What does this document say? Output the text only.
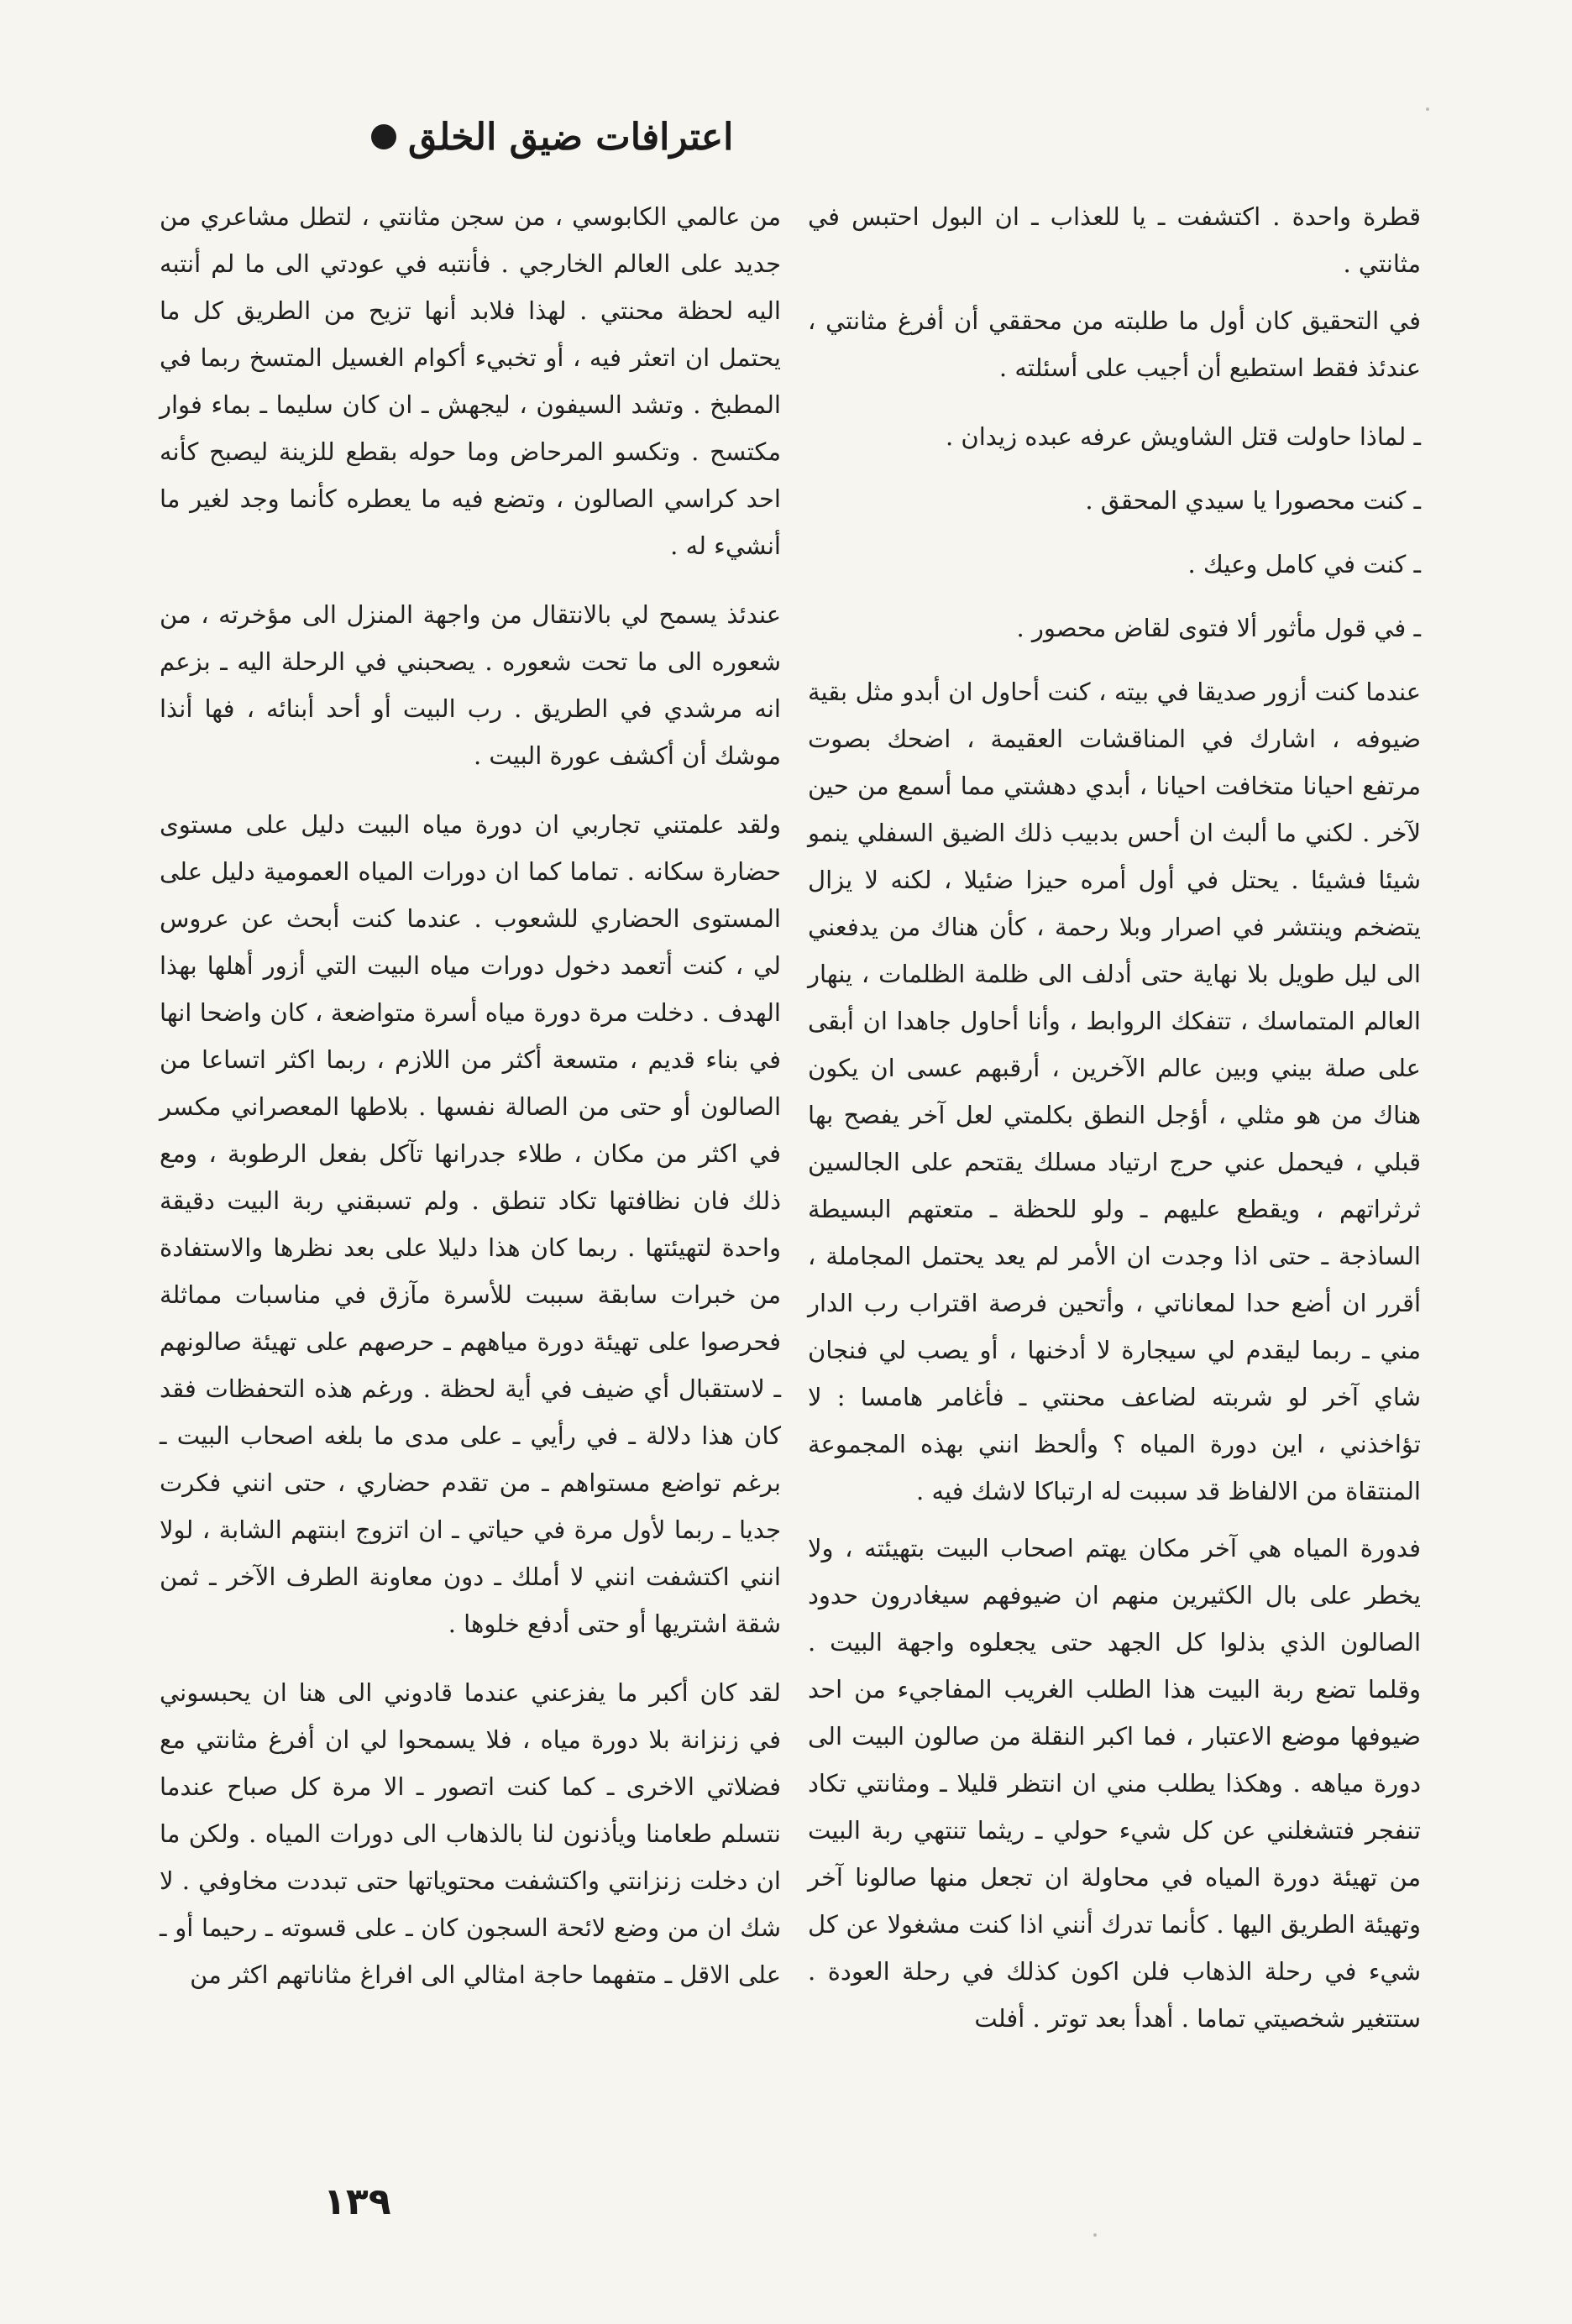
اعترافات ضيق الخلق

قطرة واحدة . اكتشفت ـ يا للعذاب ـ ان البول احتبس في مثانتي .

في التحقيق كان أول ما طلبته من محققي أن أفرغ مثانتي ، عندئذ فقط استطيع أن أجيب على أسئلته .

ـ لماذا حاولت قتل الشاويش عرفه عبده زيدان .

ـ كنت محصورا يا سيدي المحقق .

ـ كنت في كامل وعيك .

ـ في قول مأثور ألا فتوى لقاض محصور .

عندما كنت أزور صديقا في بيته ، كنت أحاول ان أبدو مثل بقية ضيوفه ، اشارك في المناقشات العقيمة ، اضحك بصوت مرتفع احيانا متخافت احيانا ، أبدي دهشتي مما أسمع من حين لآخر . لكني ما ألبث ان أحس بدبيب ذلك الضيق السفلي ينمو شيئا فشيئا . يحتل في أول أمره حيزا ضئيلا ، لكنه لا يزال يتضخم وينتشر في اصرار وبلا رحمة ، كأن هناك من يدفعني الى ليل طويل بلا نهاية حتى أدلف الى ظلمة الظلمات ، ينهار العالم المتماسك ، تتفكك الروابط ، وأنا أحاول جاهدا ان أبقى على صلة بيني وبين عالم الآخرين ، أرقبهم عسى ان يكون هناك من هو مثلي ، أؤجل النطق بكلمتي لعل آخر يفصح بها قبلي ، فيحمل عني حرج ارتياد مسلك يقتحم على الجالسين ثرثراتهم ، ويقطع عليهم ـ ولو للحظة ـ متعتهم البسيطة الساذجة ـ حتى اذا وجدت ان الأمر لم يعد يحتمل المجاملة ، أقرر ان أضع حدا لمعاناتي ، وأتحين فرصة اقتراب رب الدار مني ـ ربما ليقدم لي سيجارة لا أدخنها ، أو يصب لي فنجان شاي آخر لو شربته لضاعف محنتي ـ فأغامر هامسا : لا تؤاخذني ، اين دورة المياه ؟ وألحظ انني بهذه المجموعة المنتقاة من الالفاظ قد سببت له ارتباكا لاشك فيه .

فدورة المياه هي آخر مكان يهتم اصحاب البيت بتهيئته ، ولا يخطر على بال الكثيرين منهم ان ضيوفهم سيغادرون حدود الصالون الذي بذلوا كل الجهد حتى يجعلوه واجهة البيت . وقلما تضع ربة البيت هذا الطلب الغريب المفاجيء من احد ضيوفها موضع الاعتبار ، فما اكبر النقلة من صالون البيت الى دورة مياهه . وهكذا يطلب مني ان انتظر قليلا ـ ومثانتي تكاد تنفجر فتشغلني عن كل شيء حولي ـ ريثما تنتهي ربة البيت من تهيئة دورة المياه في محاولة ان تجعل منها صالونا آخر وتهيئة الطريق اليها . كأنما تدرك أنني اذا كنت مشغولا عن كل شيء في رحلة الذهاب فلن اكون كذلك في رحلة العودة . ستتغير شخصيتي تماما . أهدأ بعد توتر . أفلت

من عالمي الكابوسي ، من سجن مثانتي ، لتطل مشاعري من جديد على العالم الخارجي . فأنتبه في عودتي الى ما لم أنتبه اليه لحظة محنتي . لهذا فلابد أنها تزيح من الطريق كل ما يحتمل ان اتعثر فيه ، أو تخبيء أكوام الغسيل المتسخ ربما في المطبخ . وتشد السيفون ، ليجهش ـ ان كان سليما ـ بماء فوار مكتسح . وتكسو المرحاض وما حوله بقطع للزينة ليصبح كأنه احد كراسي الصالون ، وتضع فيه ما يعطره كأنما وجد لغير ما أنشيء له .

عندئذ يسمح لي بالانتقال من واجهة المنزل الى مؤخرته ، من شعوره الى ما تحت شعوره . يصحبني في الرحلة اليه ـ بزعم انه مرشدي في الطريق . رب البيت أو أحد أبنائه ، فها أنذا موشك أن أكشف عورة البيت .

ولقد علمتني تجاربي ان دورة مياه البيت دليل على مستوى حضارة سكانه . تماما كما ان دورات المياه العمومية دليل على المستوى الحضاري للشعوب . عندما كنت أبحث عن عروس لي ، كنت أتعمد دخول دورات مياه البيت التي أزور أهلها بهذا الهدف . دخلت مرة دورة مياه أسرة متواضعة ، كان واضحا انها في بناء قديم ، متسعة أكثر من اللازم ، ربما اكثر اتساعا من الصالون أو حتى من الصالة نفسها . بلاطها المعصراني مكسر في اكثر من مكان ، طلاء جدرانها تآكل بفعل الرطوبة ، ومع ذلك فان نظافتها تكاد تنطق . ولم تسبقني ربة البيت دقيقة واحدة لتهيئتها . ربما كان هذا دليلا على بعد نظرها والاستفادة من خبرات سابقة سببت للأسرة مآزق في مناسبات مماثلة فحرصوا على تهيئة دورة مياههم ـ حرصهم على تهيئة صالونهم ـ لاستقبال أي ضيف في أية لحظة . ورغم هذه التحفظات فقد كان هذا دلالة ـ في رأيي ـ على مدى ما بلغه اصحاب البيت ـ برغم تواضع مستواهم ـ من تقدم حضاري ، حتى انني فكرت جديا ـ ربما لأول مرة في حياتي ـ ان اتزوج ابنتهم الشابة ، لولا انني اكتشفت انني لا أملك ـ دون معاونة الطرف الآخر ـ ثمن شقة اشتريها أو حتى أدفع خلوها .

لقد كان أكبر ما يفزعني عندما قادوني الى هنا ان يحبسوني في زنزانة بلا دورة مياه ، فلا يسمحوا لي ان أفرغ مثانتي مع فضلاتي الاخرى ـ كما كنت اتصور ـ الا مرة كل صباح عندما نتسلم طعامنا ويأذنون لنا بالذهاب الى دورات المياه . ولكن ما ان دخلت زنزانتي واكتشفت محتوياتها حتى تبددت مخاوفي . لا شك ان من وضع لائحة السجون كان ـ على قسوته ـ رحيما أو ـ على الاقل ـ متفهما حاجة امثالي الى افراغ مثاناتهم اكثر من

١٣٩
